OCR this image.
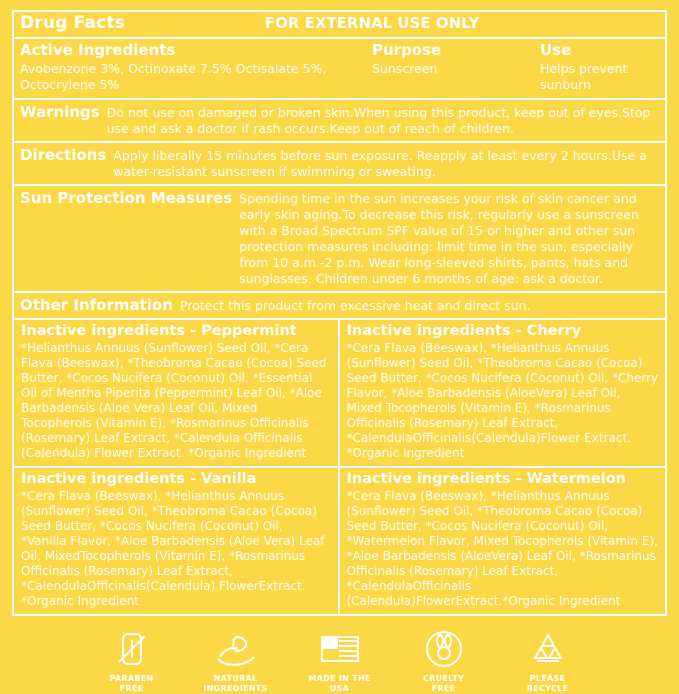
Drug Facts	FOR EXTERNAL USE ONLY
Active Ingredients
Avobenzone 3%, Octinoxate 7.5% Octisalate 5%, Octocrylene 5%
Purpose
Sunscreen
Use
Helps prevent sunburn
Warnings Do not use on damaged or broken skin.When using this product, keep out of eyes.Stop use and ask a doctor if rash occurs.Keep out of reach of children.
Directions Apply liberally 15 minutes before sun exposure. Reapply at least every 2 hours.Use a water-resistant sunscreen if swimming or sweating.
Sun Protection Measures Spending time in the sun increases your risk of skin cancer and early skin aging.To decrease this risk, regularly use a sunscreen with a Broad Spectrum SPF value of 15 or higher and other sun protection measures including: limit time in the sun, especially from 10 a.m.-2 p.m. Wear long-sleeved shirts, pants, hats and sunglasses. Children under 6 months of age: ask a doctor.
Other Information Protect this product from excessive heat and direct sun.
Inactive ingredients - Peppermint

*Helianthus Annuus (Sunflower) Seed Oil, *Cera Flava (Beeswax), *Theobroma Cacao (Cocoa) Seed Butter, *Cocos Nucifera (Coconut) Oil, *Essential Oil of Mentha Piperita (Peppermint) Leaf Oil, *Aloe Barbadensis (Aloe Vera) Leaf Oil, Mixed Tocopherols (Vitamin E), *Rosmarinus Officinalis (Rosemary) Leaf Extract, *Calendula Officinalis (Calendula) Flower Extract. *Organic Ingredient

Inactive ingredients - Cherry

*Cera Flava (Beeswax), *Helianthus Annuus (Sunflower) Seed Oil, *Theobroma Cacao (Cocoa) Seed Butter, *Cocos Nucifera (Coconut) Oil, *Cherry Flavor, *Aloe Barbadensis (AloeVera) Leaf Oil, Mixed Tocopherols (Vitamin E), *Rosmarinus Officinalis (Rosemary) Leaf Extract, *CalendulaOfficinalis(Calendula)Flower Extract. *Organic Ingredient

Inactive ingredients - Vanilla

*Cera Flava (Beeswax), *Helianthus Annuus (Sunflower) Seed Oil, *Theobroma Cacao (Cocoa) Seed Butter, *Cocos Nucifera (Coconut) Oil, *Vanilla Flavor, *Aloe Barbadensis (Aloe Vera) Leaf Oil, MixedTocopherols (Vitamin E), *Rosmarinus Officinalis (Rosemary) Leaf Extract, *CalendulaOfficinalis(Calendula) FlowerExtract. *Organic Ingredient

Inactive ingredients - Watermelon

*Cera Flava (Beeswax), *Helianthus Annuus (Sunflower) Seed Oil, *Theobroma Cacao (Cocoa) Seed Butter, *Cocos Nucifera (Coconut) Oil, *Watermelon Flavor, Mixed Tocopherols (Vitamin E), *Aloe Barbadensis (AloeVera) Leaf Oil, *Rosmarinus Officinalis (Rosemary) Leaf Extract, *CalendulaOfficinalis (Calendula)FlowerExtract.*Organic Ingredient

PARABEN
FREE
NATURAL
INGREDIENTS
MADE IN THE
USA
CRUELTY
FREE
PLEASE
RECYCLE
